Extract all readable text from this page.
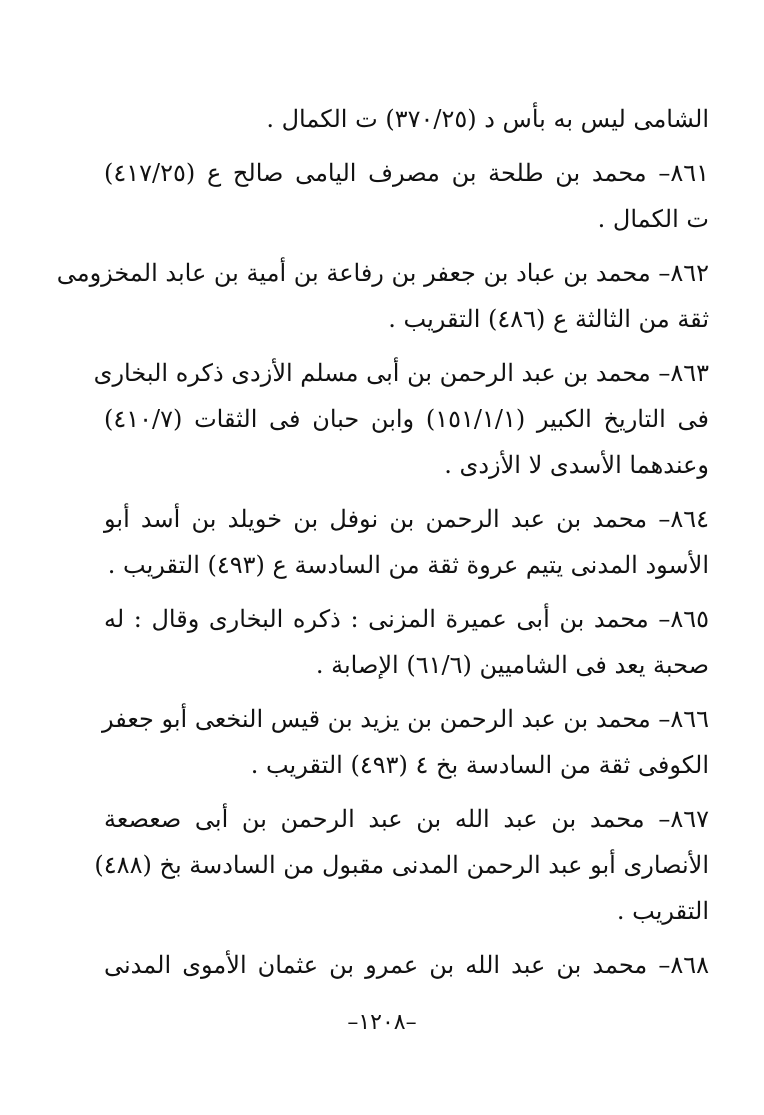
الشامى ليس به بأس د (٣٧٠/٢٥) ت الكمال .
٨٦١– محمد بن طلحة بن مصرف اليامى صالح ع (٤١٧/٢٥)
ت الكمال .
٨٦٢– محمد بن عباد بن جعفر بن رفاعة بن أمية بن عابد المخزومى
ثقة من الثالثة ع (٤٨٦) التقريب .
٨٦٣– محمد بن عبد الرحمن بن أبى مسلم الأزدى ذكره البخارى
فى التاريخ الكبير (١٥١/١/١) وابن حبان فى الثقات (٤١٠/٧)
وعندهما الأسدى لا الأزدى .
٨٦٤– محمد بن عبد الرحمن بن نوفل بن خويلد بن أسد أبو
الأسود المدنى يتيم عروة ثقة من السادسة ع (٤٩٣) التقريب .
٨٦٥– محمد بن أبى عميرة المزنى : ذكره البخارى وقال : له
صحبة يعد فى الشاميين (٦١/٦) الإصابة .
٨٦٦– محمد بن عبد الرحمن بن يزيد بن قيس النخعى أبو جعفر
الكوفى ثقة من السادسة بخ ٤ (٤٩٣) التقريب .
٨٦٧– محمد بن عبد الله بن عبد الرحمن بن أبى صعصعة
الأنصارى أبو عبد الرحمن المدنى مقبول من السادسة بخ (٤٨٨)
التقريب .
٨٦٨– محمد بن عبد الله بن عمرو بن عثمان الأموى المدنى
–١٢٠٨–
